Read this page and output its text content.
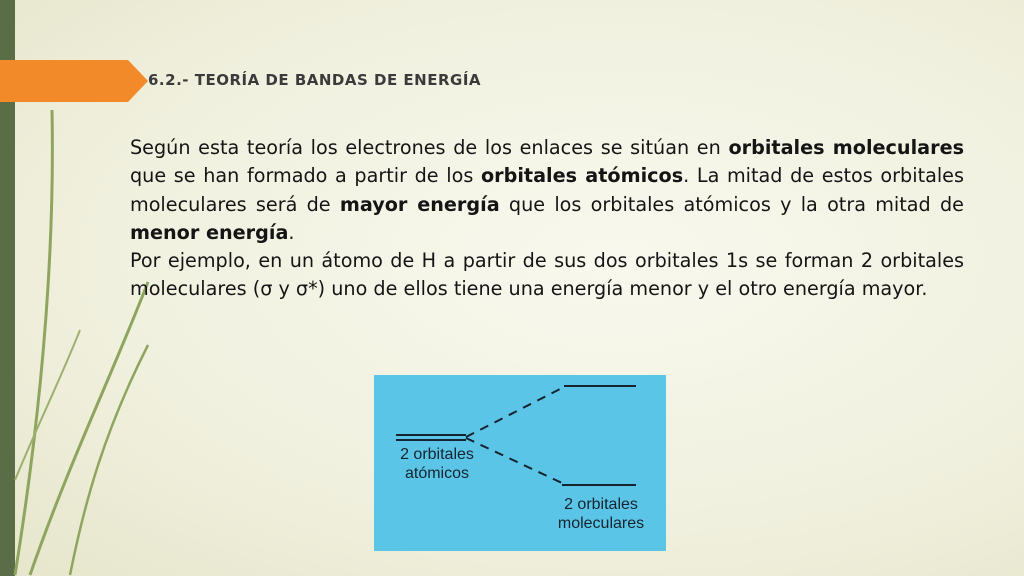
6.2.- TEORÍA DE BANDAS DE ENERGÍA

Según esta teoría los electrones de los enlaces se sitúan en orbitales moleculares que se han formado a partir de los orbitales atómicos. La mitad de estos orbitales moleculares será de mayor energía que los orbitales atómicos y la otra mitad de menor energía.

Por ejemplo, en un átomo de H a partir de sus dos orbitales 1s se forman 2 orbitales moleculares (σ y σ*) uno de ellos tiene una energía menor y el otro energía mayor.

2 orbitales
atómicos
2 orbitales
moleculares
